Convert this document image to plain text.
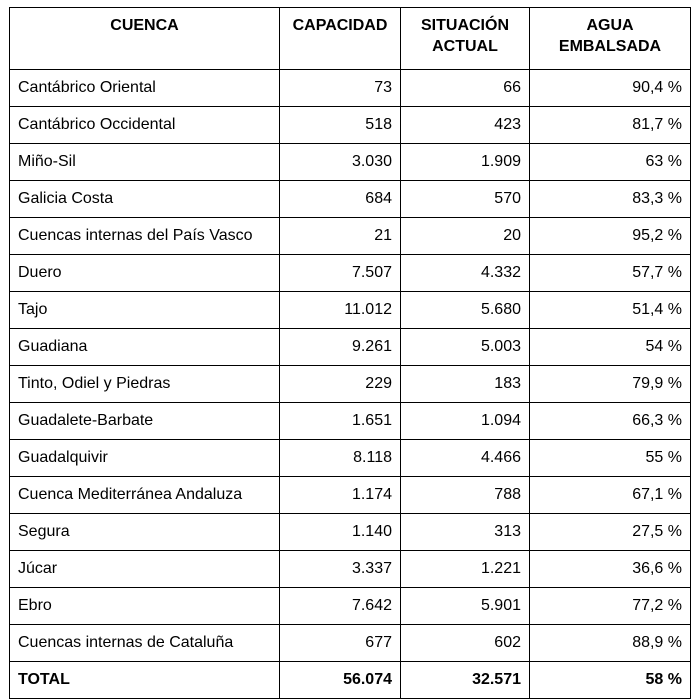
CUENCA	CAPACIDAD	SITUACIÓN ACTUAL	AGUA EMBALSADA
Cantábrico Oriental	73	66	90,4 %
Cantábrico Occidental	518	423	81,7 %
Miño-Sil	3.030	1.909	63 %
Galicia Costa	684	570	83,3 %
Cuencas internas del País Vasco	21	20	95,2 %
Duero	7.507	4.332	57,7 %
Tajo	11.012	5.680	51,4 %
Guadiana	9.261	5.003	54 %
Tinto, Odiel y Piedras	229	183	79,9 %
Guadalete-Barbate	1.651	1.094	66,3 %
Guadalquivir	8.118	4.466	55 %
Cuenca Mediterránea Andaluza	1.174	788	67,1 %
Segura	1.140	313	27,5 %
Júcar	3.337	1.221	36,6 %
Ebro	7.642	5.901	77,2 %
Cuencas internas de Cataluña	677	602	88,9 %
TOTAL	56.074	32.571	58 %
